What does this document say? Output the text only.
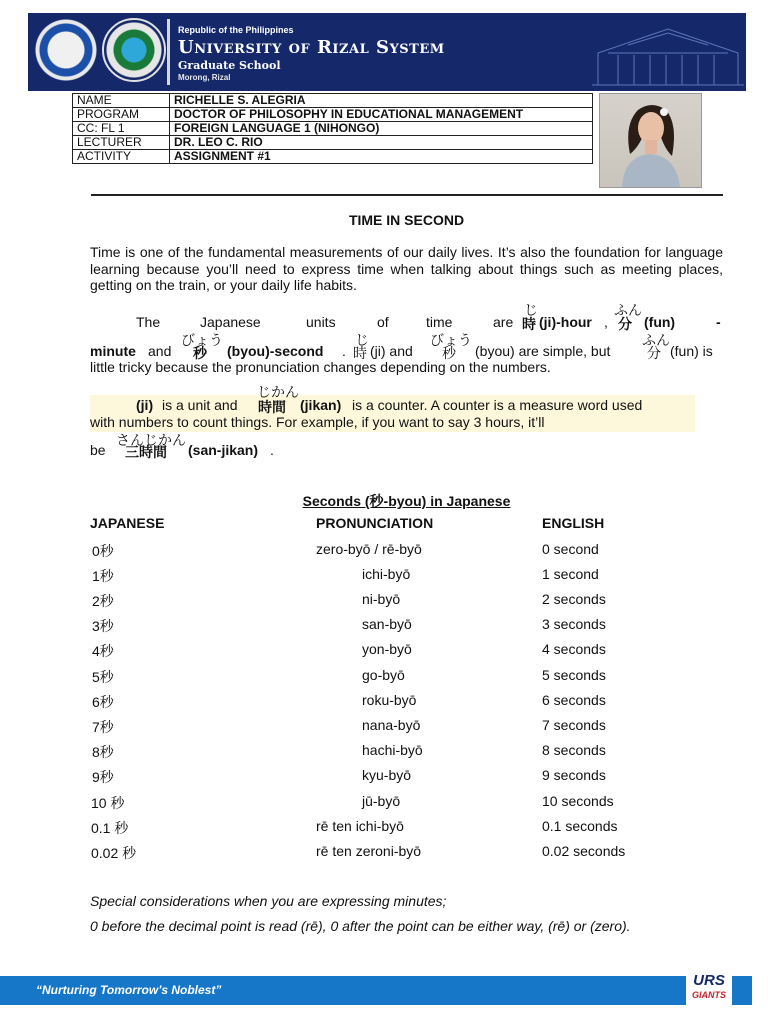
Republic of the Philippines
University of Rizal System
Graduate School
Morong, Rizal
NAME	RICHELLE S. ALEGRIA
PROGRAM	DOCTOR OF PHILOSOPHY IN EDUCATIONAL MANAGEMENT
CC: FL 1	FOREIGN LANGUAGE 1 (NIHONGO)
LECTURER	DR. LEO C. RIO
ACTIVITY	ASSIGNMENT #1
TIME IN SECOND
Time is one of the fundamental measurements of our daily lives. It’s also the foundation for language learning because you’ll need to express time when talking about things such as meeting places, getting on the train, or your daily life habits.
じ	ふん
The	Japanese	units	of	time	are 時 (ji)-hour , 分 (fun)	-
びょう	じ	びょう	ふん
minute and 秒 (byou)-second . 時 (ji) and 秒 (byou) are simple, but	分 (fun) is
little tricky because the pronunciation changes depending on the numbers.
じかん
(ji) is a unit and 時間 (jikan) is a counter. A counter is a measure word used
with numbers to count things. For example, if you want to say 3 hours, it’ll
さんじかん
be 三時間 (san-jikan) .
Seconds (秒-byou) in Japanese
JAPANESE	PRONUNCIATION	ENGLISH
0秒	zero-byō / rē-byō	0 second
1秒	ichi-byō	1 second
2秒	ni-byō	2 seconds
3秒	san-byō	3 seconds
4秒	yon-byō	4 seconds
5秒	go-byō	5 seconds
6秒	roku-byō	6 seconds
7秒	nana-byō	7 seconds
8秒	hachi-byō	8 seconds
9秒	kyu-byō	9 seconds
10 秒	jū-byō	10 seconds
0.1 秒	rē ten ichi-byō	0.1 seconds
0.02 秒	rē ten zeroni-byō	0.02 seconds
Special considerations when you are expressing minutes;
0 before the decimal point is read (rē), 0 after the point can be either way, (rē) or (zero).
“Nurturing Tomorrow’s Noblest”
URS
GIANTS
